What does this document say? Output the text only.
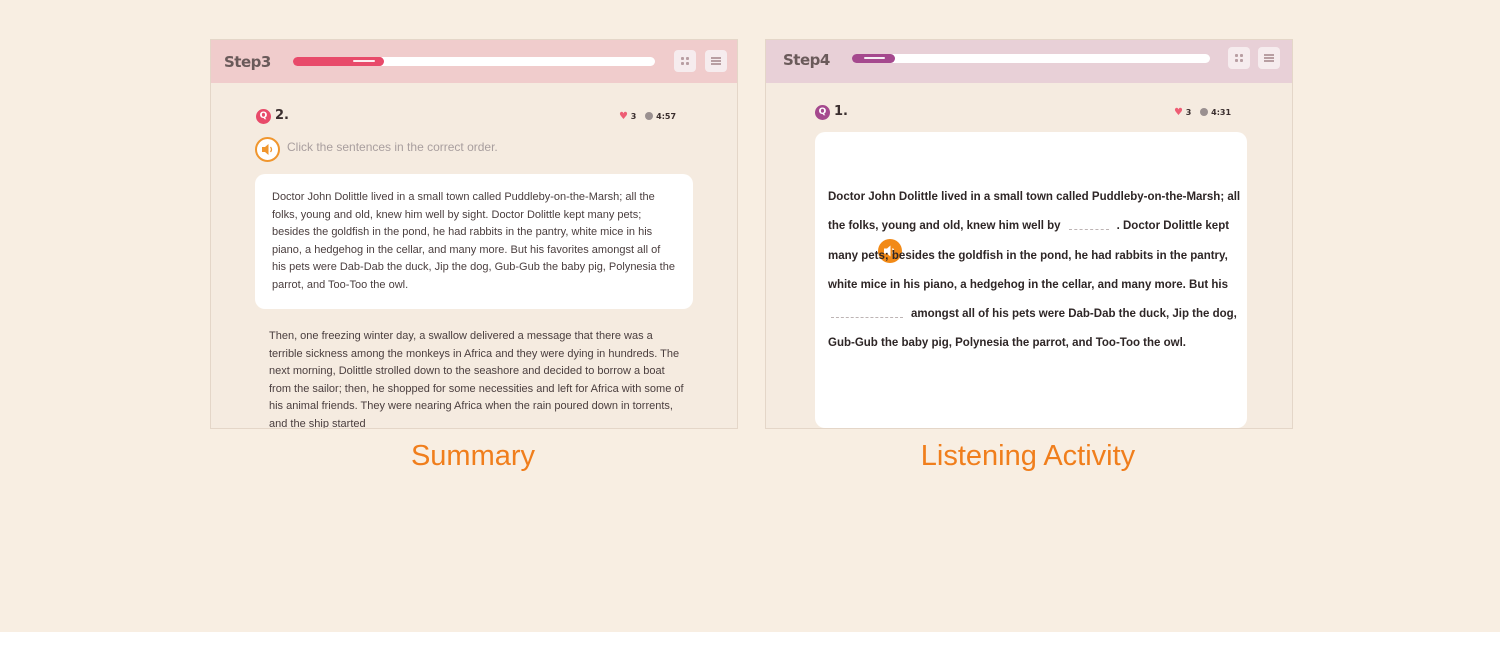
Step3
Q 2.	♥ 3 4:57
Click the sentences in the correct order.
Doctor John Dolittle lived in a small town called Puddleby-on-the-Marsh; all the folks, young and old, knew him well by sight. Doctor Dolittle kept many pets; besides the goldfish in the pond, he had rabbits in the pantry, white mice in his piano, a hedgehog in the cellar, and many more. But his favorites amongst all of his pets were Dab-Dab the duck, Jip the dog, Gub-Gub the baby pig, Polynesia the parrot, and Too-Too the owl.
Then, one freezing winter day, a swallow delivered a message that there was a terrible sickness among the monkeys in Africa and they were dying in hundreds. The next morning, Dolittle strolled down to the seashore and decided to borrow a boat from the sailor; then, he shopped for some necessities and left for Africa with some of his animal friends. They were nearing Africa when the rain poured down in torrents, and the ship started
Step4
Q 1.	♥ 3 4:31
Doctor John Dolittle lived in a small town called Puddleby-on-the-Marsh; all the folks, young and old, knew him well by	. Doctor Dolittle kept many pets; besides the goldfish in the pond, he had rabbits in the pantry, white mice in his piano, a hedgehog in the cellar, and many more. But his amongst all of his pets were Dab-Dab the duck, Jip the dog, Gub-Gub the baby pig, Polynesia the parrot, and Too-Too the owl.
Summary	Listening Activity
